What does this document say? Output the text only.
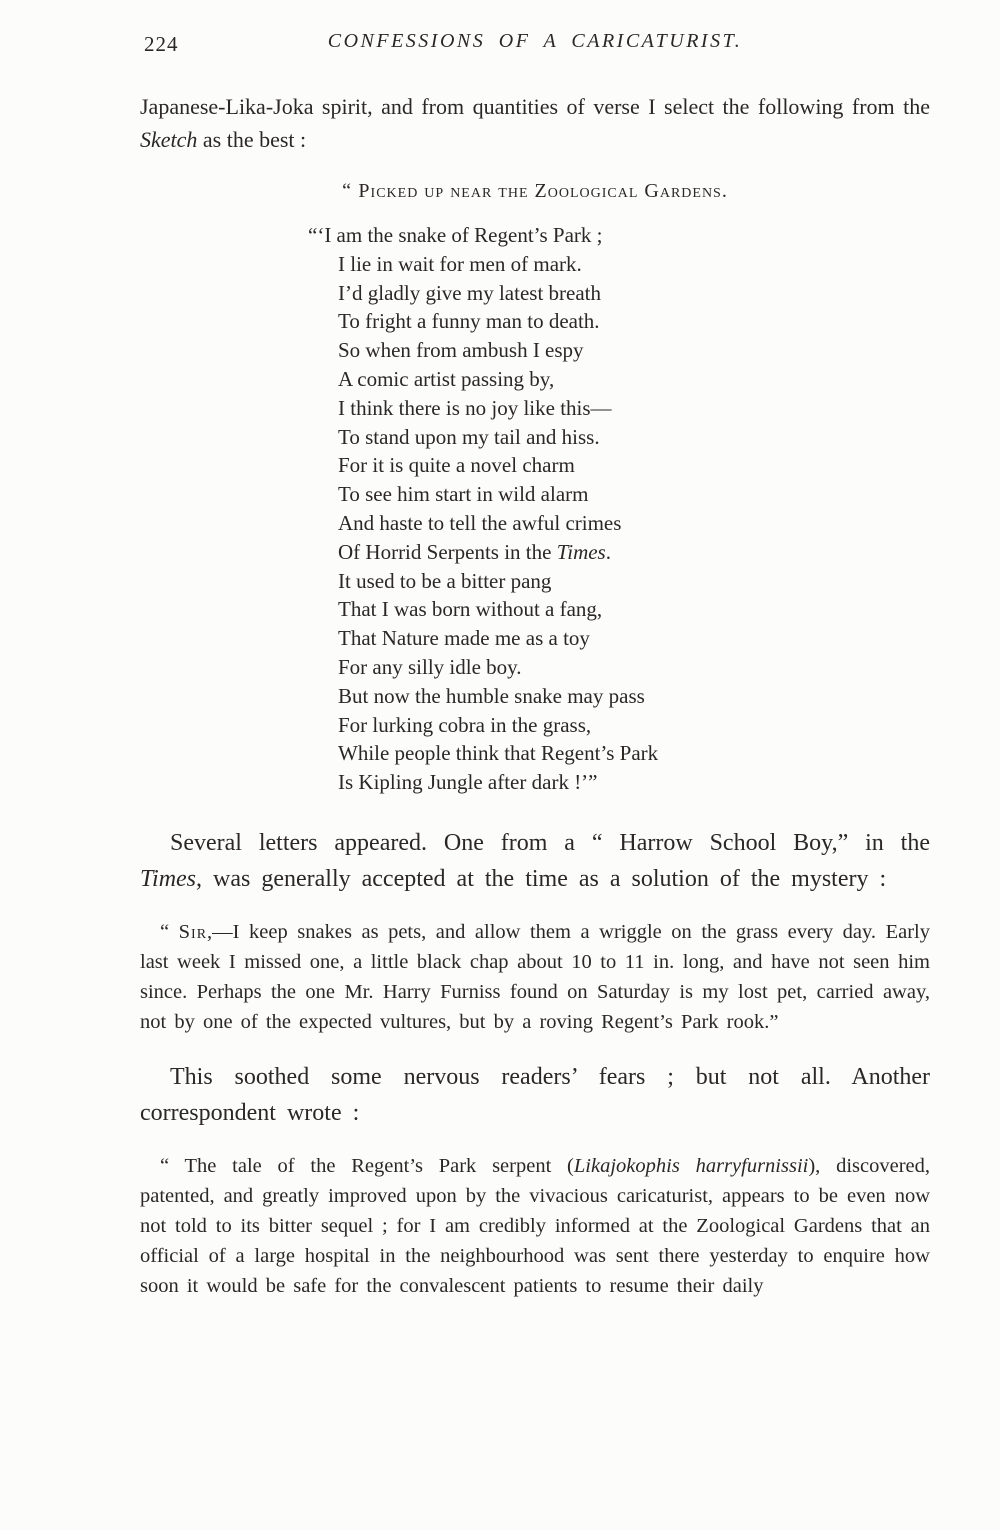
224	CONFESSIONS OF A CARICATURIST.

Japanese-Lika-Joka spirit, and from quantities of verse I select the following from the Sketch as the best :

“ Picked up near the Zoological Gardens.

“‘I am the snake of Regent’s Park ;
I lie in wait for men of mark.
I’d gladly give my latest breath
To fright a funny man to death.
So when from ambush I espy
A comic artist passing by,
I think there is no joy like this—
To stand upon my tail and hiss.
For it is quite a novel charm
To see him start in wild alarm
And haste to tell the awful crimes
Of Horrid Serpents in the Times.
It used to be a bitter pang
That I was born without a fang,
That Nature made me as a toy
For any silly idle boy.
But now the humble snake may pass
For lurking cobra in the grass,
While people think that Regent’s Park
Is Kipling Jungle after dark !’”

Several letters appeared. One from a “ Harrow School Boy,” in the Times, was generally accepted at the time as a solution of the mystery :

“ Sir,—I keep snakes as pets, and allow them a wriggle on the grass every day. Early last week I missed one, a little black chap about 10 to 11 in. long, and have not seen him since. Perhaps the one Mr. Harry Furniss found on Saturday is my lost pet, carried away, not by one of the expected vultures, but by a roving Regent’s Park rook.”

This soothed some nervous readers’ fears ; but not all. Another correspondent wrote :

“ The tale of the Regent’s Park serpent (Likajokophis harryfurnissii), discovered, patented, and greatly improved upon by the vivacious caricaturist, appears to be even now not told to its bitter sequel ; for I am credibly informed at the Zoological Gardens that an official of a large hospital in the neighbourhood was sent there yesterday to enquire how soon it would be safe for the convalescent patients to resume their daily
